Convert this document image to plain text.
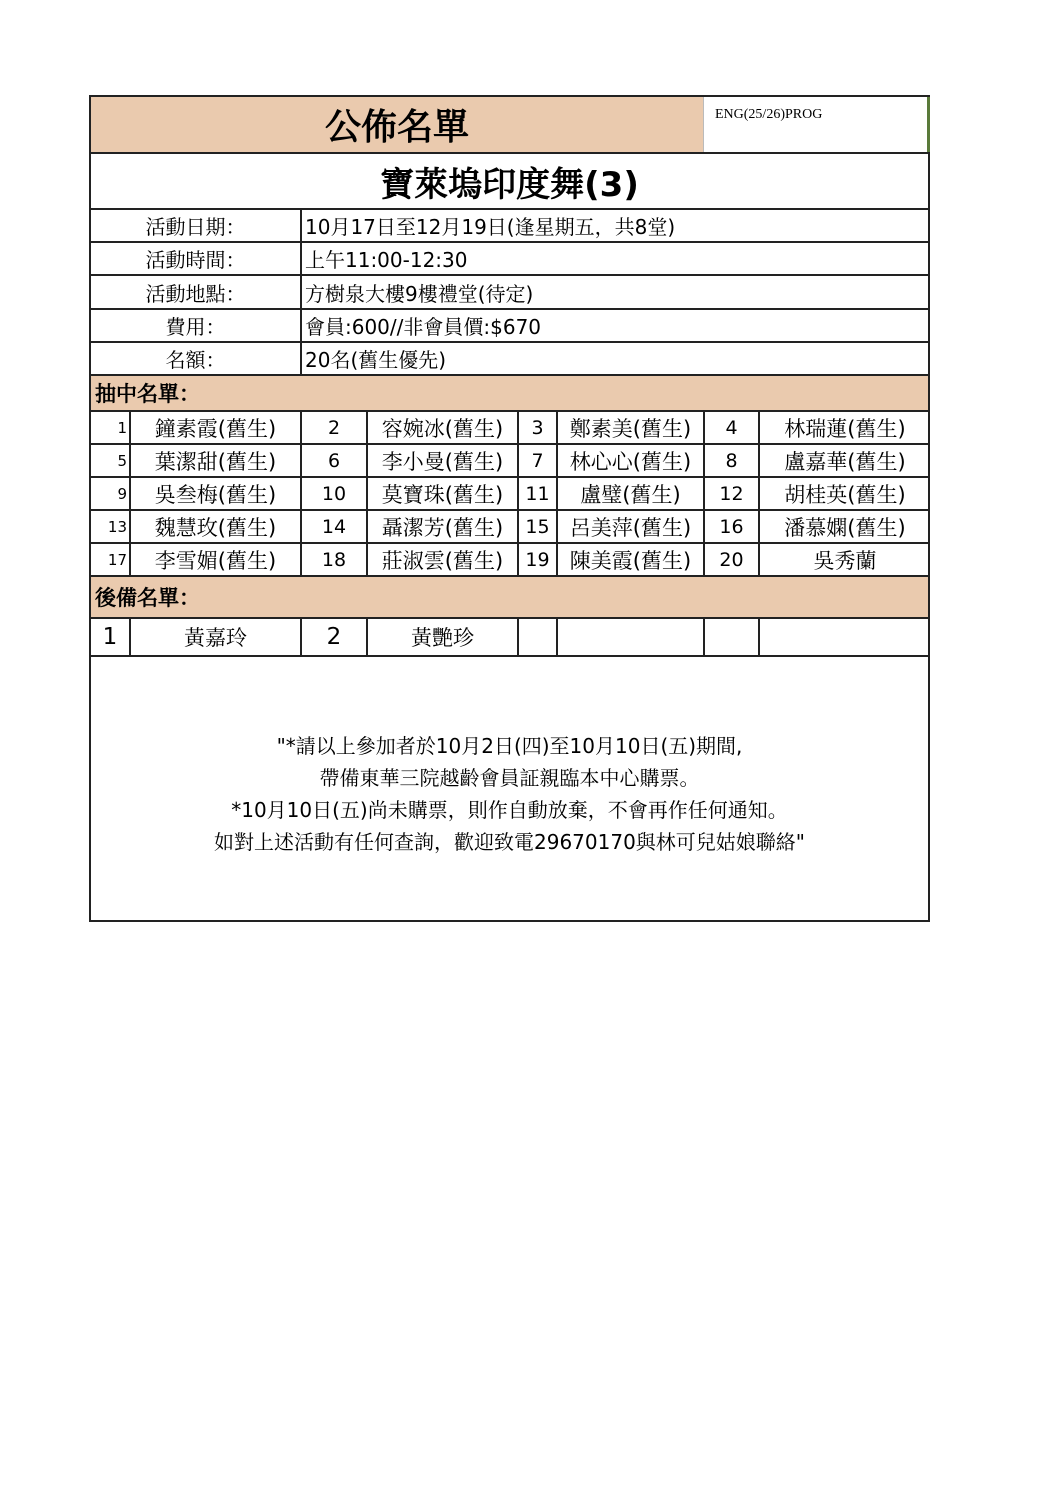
公佈名單	ENG(25/26)PROG
寶萊塢印度舞(3)
活動日期：	10月17日至12月19日(逢星期五，共8堂)
活動時間：	上午11:00-12:30
活動地點：	方樹泉大樓9樓禮堂(待定)
費用：	會員:600//非會員價:$670
名額：	20名(舊生優先)
抽中名單：
1	鐘素霞(舊生)	2	容婉冰(舊生)	3	鄭素美(舊生)	4	林瑞蓮(舊生)
5	葉潔甜(舊生)	6	李小曼(舊生)	7	林心心(舊生)	8	盧嘉華(舊生)
9	吳叁梅(舊生)	10	莫寶珠(舊生)	11	盧璧(舊生)	12	胡桂英(舊生)
13	魏慧玫(舊生)	14	聶潔芳(舊生)	15 呂美萍(舊生)	16	潘慕嫻(舊生)
17	李雪媚(舊生)	18	莊淑雲(舊生)	19 陳美霞(舊生)	20	吳秀蘭
後備名單：
1	黃嘉玲	2	黃艷珍
"*請以上參加者於10月2日(四)至10月10日(五)期間,
帶備東華三院越齡會員証親臨本中心購票。
*10月10日(五)尚未購票，則作自動放棄，不會再作任何通知。
如對上述活動有任何查詢，歡迎致電29670170與林可兒姑娘聯絡"
